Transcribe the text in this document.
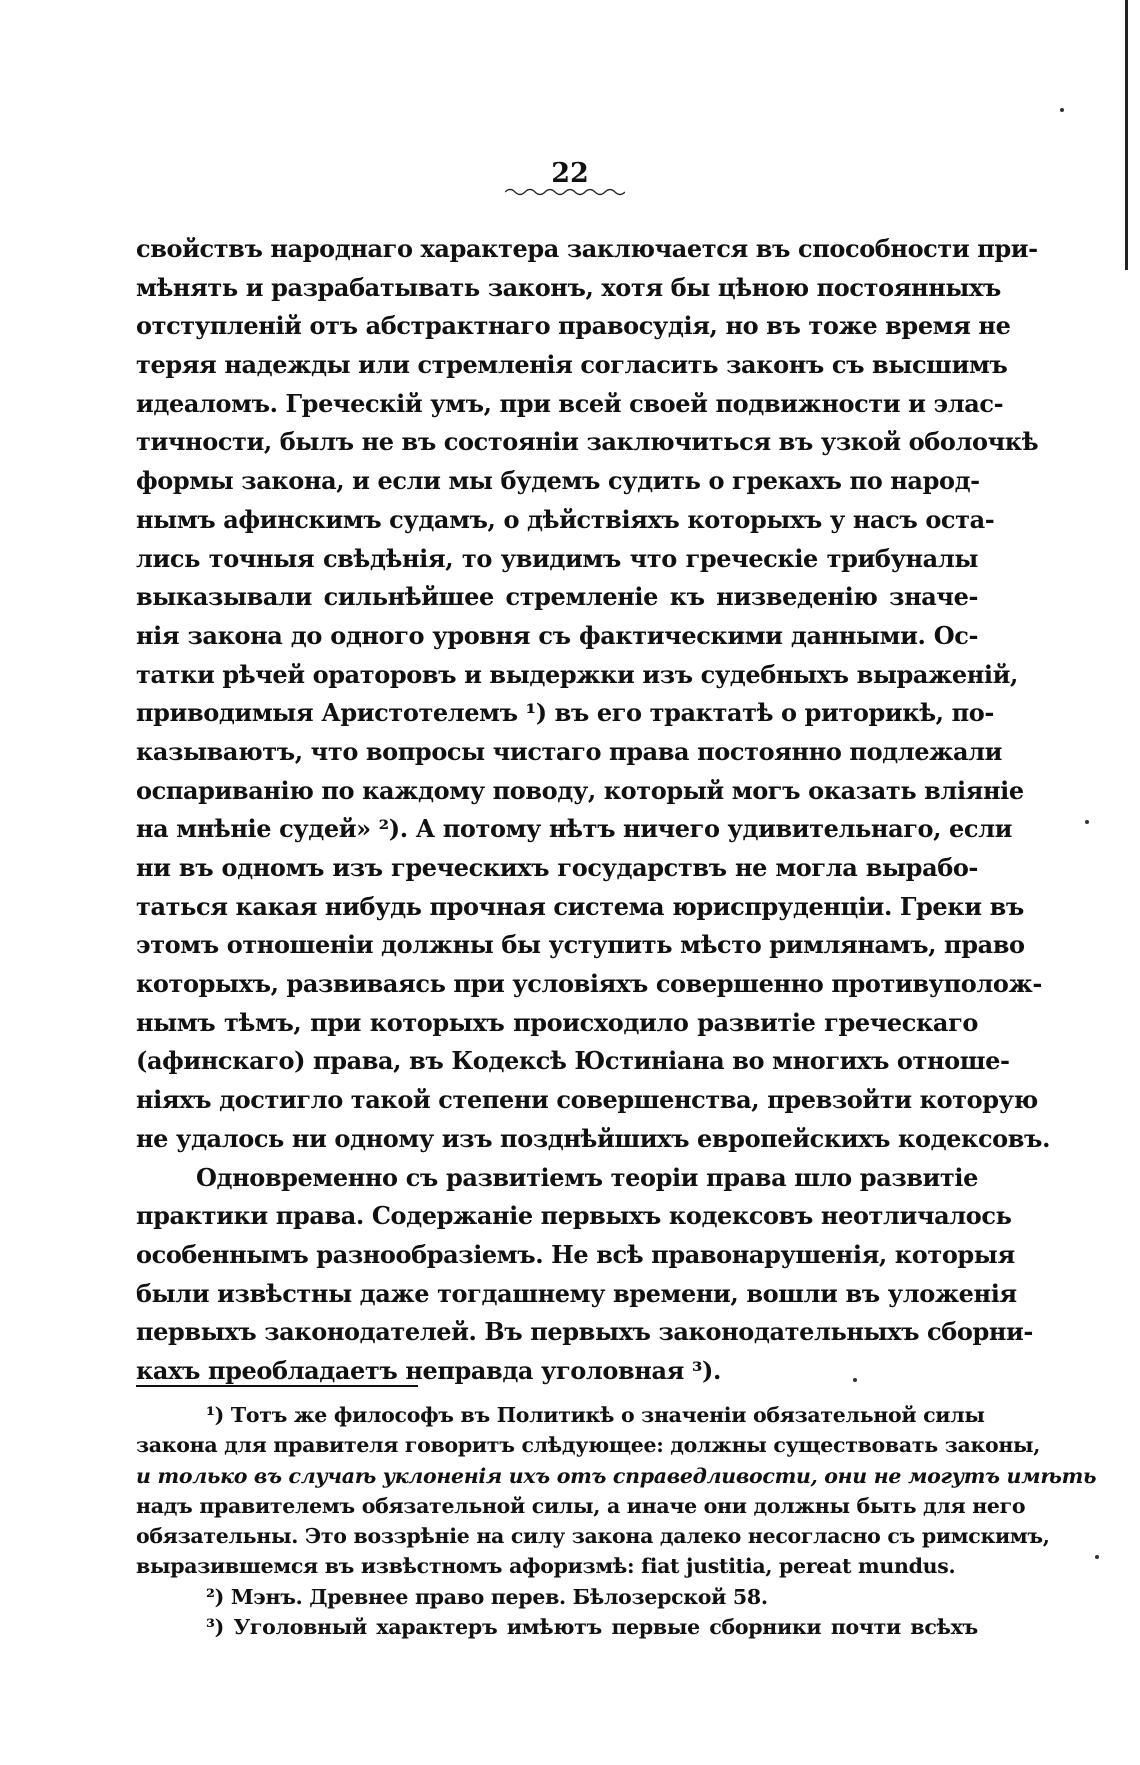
22
свойствъ народнаго характера заключается въ способности при-
мѣнять и разрабатывать законъ, хотя бы цѣною постоянныхъ
отступленій отъ абстрактнаго правосудія, но въ тоже время не
теряя надежды или стремленія согласить законъ съ высшимъ
идеаломъ. Греческій умъ, при всей своей подвижности и элас-
тичности, былъ не въ состояніи заключиться въ узкой оболочкѣ
формы закона, и если мы будемъ судить о грекахъ по народ-
нымъ афинскимъ судамъ, о дѣйствіяхъ которыхъ у насъ оста-
лись точныя свѣдѣнія, то увидимъ что греческіе трибуналы
выказывали сильнѣйшее стремленіе къ низведенію значе-
нія закона до одного уровня съ фактическими данными. Ос-
татки рѣчей ораторовъ и выдержки изъ судебныхъ выраженій,
приводимыя Аристотелемъ ¹) въ его трактатѣ о риторикѣ, по-
казываютъ, что вопросы чистаго права постоянно подлежали
оспариванію по каждому поводу, который могъ оказать вліяніе
на мнѣніе судей» ²). А потому нѣтъ ничего удивительнаго, если
ни въ одномъ изъ греческихъ государствъ не могла вырабо-
таться какая нибудь прочная система юриспруденціи. Греки въ
этомъ отношеніи должны бы уступить мѣсто римлянамъ, право
которыхъ, развиваясь при условіяхъ совершенно противуполож-
нымъ тѣмъ, при которыхъ происходило развитіе греческаго
(афинскаго) права, въ Кодексѣ Юстиніана во многихъ отноше-
ніяхъ достигло такой степени совершенства, превзойти которую
не удалось ни одному изъ позднѣйшихъ европейскихъ кодексовъ.
Одновременно съ развитіемъ теоріи права шло развитіе
практики права. Содержаніе первыхъ кодексовъ неотличалось
особеннымъ разнообразіемъ. Не всѣ правонарушенія, которыя
были извѣстны даже тогдашнему времени, вошли въ уложенія
первыхъ законодателей. Въ первыхъ законодательныхъ сборни-
кахъ преобладаетъ неправда уголовная ³).
¹) Тотъ же философъ въ Политикѣ о значеніи обязательной силы
закона для правителя говоритъ слѣдующее: должны существовать законы,
и только въ случаѣ уклоненія ихъ отъ справедливости, они не могутъ имѣть
надъ правителемъ обязательной силы, а иначе они должны быть для него
обязательны. Это воззрѣніе на силу закона далеко несогласно съ римскимъ,
выразившемся въ извѣстномъ афоризмѣ: fiat justitia, pereat mundus.
²) Мэнъ. Древнее право перев. Бѣлозерской 58.
³) Уголовный характеръ имѣютъ первые сборники почти всѣхъ
